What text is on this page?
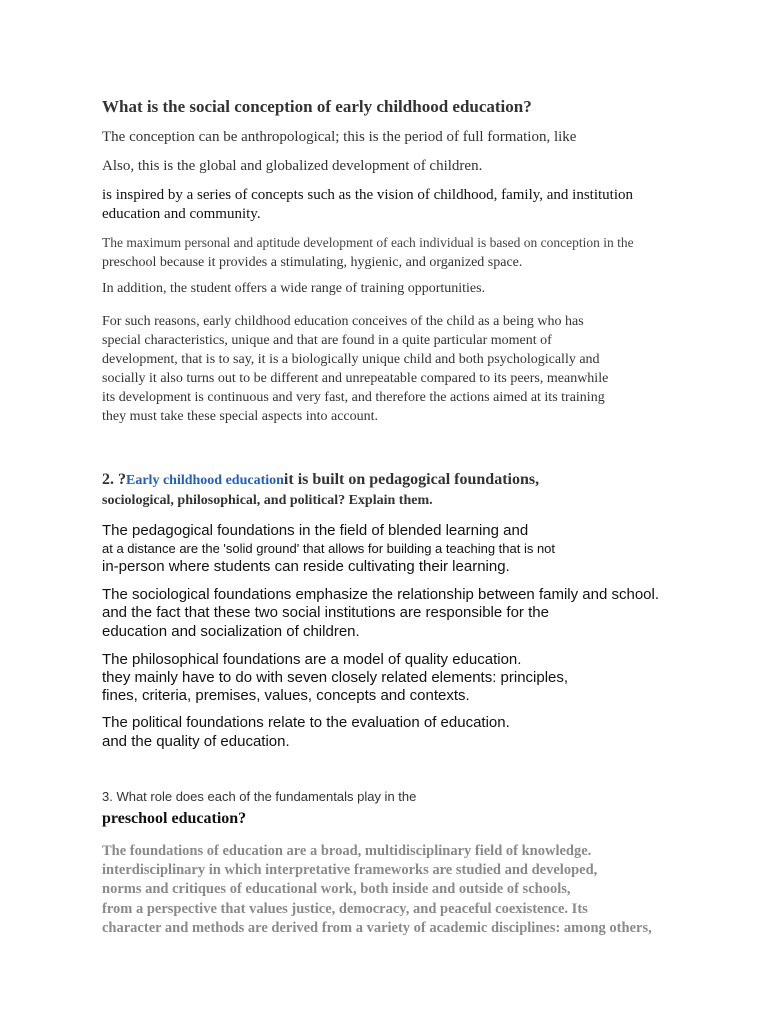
What is the social conception of early childhood education?
The conception can be anthropological; this is the period of full formation, like
Also, this is the global and globalized development of children.
is inspired by a series of concepts such as the vision of childhood, family, and institution
education and community.
The maximum personal and aptitude development of each individual is based on conception in the
preschool because it provides a stimulating, hygienic, and organized space.
In addition, the student offers a wide range of training opportunities.
For such reasons, early childhood education conceives of the child as a being who has
special characteristics, unique and that are found in a quite particular moment of
development, that is to say, it is a biologically unique child and both psychologically and
socially it also turns out to be different and unrepeatable compared to its peers, meanwhile
its development is continuous and very fast, and therefore the actions aimed at its training
they must take these special aspects into account.
2. ?Early childhood educationit is built on pedagogical foundations,
sociological, philosophical, and political? Explain them.
The pedagogical foundations in the field of blended learning and
at a distance are the 'solid ground' that allows for building a teaching that is not
in-person where students can reside cultivating their learning.
The sociological foundations emphasize the relationship between family and school.
and the fact that these two social institutions are responsible for the
education and socialization of children.
The philosophical foundations are a model of quality education.
they mainly have to do with seven closely related elements: principles,
fines, criteria, premises, values, concepts and contexts.
The political foundations relate to the evaluation of education.
and the quality of education.
3. What role does each of the fundamentals play in the
preschool education?
The foundations of education are a broad, multidisciplinary field of knowledge.
interdisciplinary in which interpretative frameworks are studied and developed,
norms and critiques of educational work, both inside and outside of schools,
from a perspective that values justice, democracy, and peaceful coexistence. Its
character and methods are derived from a variety of academic disciplines: among others,
